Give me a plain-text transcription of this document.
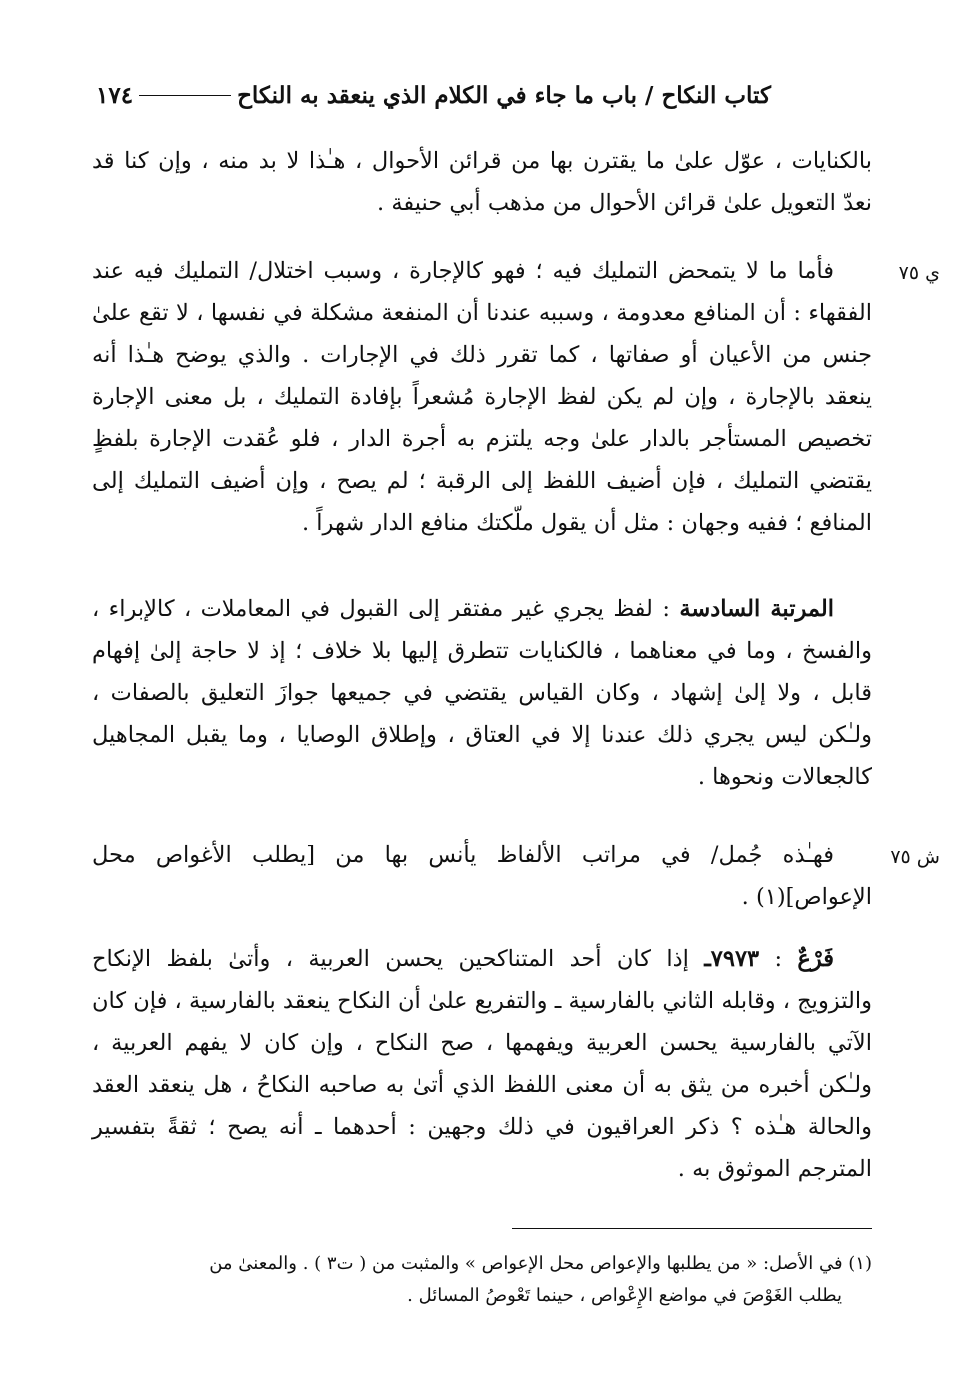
١٧٤	كتاب النكاح / باب ما جاء في الكلام الذي ينعقد به النكاح
بالكنايات ، عوّل علىٰ ما يقترن بها من قرائن الأحوال ، هـٰذا لا بد منه ، وإن كنا قد
نعدّ التعويل علىٰ قرائن الأحوال من مذهب أبي حنيفة .
ي ٧٥
فأما ما لا يتمحض التمليك فيه ؛ فهو كالإجارة ، وسبب اختلال/ التمليك فيه عند
الفقهاء : أن المنافع معدومة ، وسببه عندنا أن المنفعة مشكلة في نفسها ، لا تقع علىٰ
جنس من الأعيان أو صفاتها ، كما تقرر ذلك في الإجارات . والذي يوضح هـٰذا أنه
ينعقد بالإجارة ، وإن لم يكن لفظ الإجارة مُشعراً بإفادة التمليك ، بل معنى الإجارة
تخصيص المستأجر بالدار علىٰ وجه يلتزم به أجرة الدار ، فلو عُقدت الإجارة بلفظٍ
يقتضي التمليك ، فإن أضيف اللفظ إلى الرقبة ؛ لم يصح ، وإن أضيف التمليك إلى
المنافع ؛ ففيه وجهان : مثل أن يقول ملّكتك منافع الدار شهراً .
المرتبة السادسة : لفظ يجري غير مفتقر إلى القبول في المعاملات ، كالإبراء ،
والفسخ ، وما في معناهما ، فالكنايات تتطرق إليها بلا خلاف ؛ إذ لا حاجة إلىٰ إفهام
قابل ، ولا إلىٰ إشهاد ، وكان القياس يقتضي في جميعها جوازَ التعليق بالصفات ،
ولـٰكن ليس يجري ذلك عندنا إلا في العتاق ، وإطلاق الوصايا ، وما يقبل المجاهيل
كالجعالات ونحوها .
ش ٧٥
فهـٰذه جُمل/ في مراتب الألفاظ يأنس بها من [يطلب الأغواص محل
الإعواص](١) .
فَرْعٌ : ٧٩٧٣ـ إذا كان أحد المتناكحين يحسن العربية ، وأتىٰ بلفظ الإنكاح
والتزويج ، وقابله الثاني بالفارسية ـ والتفريع علىٰ أن النكاح ينعقد بالفارسية ، فإن كان
الآتي بالفارسية يحسن العربية ويفهمها ، صح النكاح ، وإن كان لا يفهم العربية ،
ولـٰكن أخبره من يثق به أن معنى اللفظ الذي أتىٰ به صاحبه النكاحُ ، هل ينعقد العقد
والحالة هـٰذه ؟ ذكر العراقيون في ذلك وجهين : أحدهما ـ أنه يصح ؛ ثقةً بتفسير
المترجم الموثوق به .
(١) في الأصل: « من يطلبها والإعواص محل الإعواص » والمثبت من ( ت٣ ) . والمعنىٰ من
يطلب الغَوْصَ في مواضع الإِعْواص ، حينما تَعْوصُ المسائل .
